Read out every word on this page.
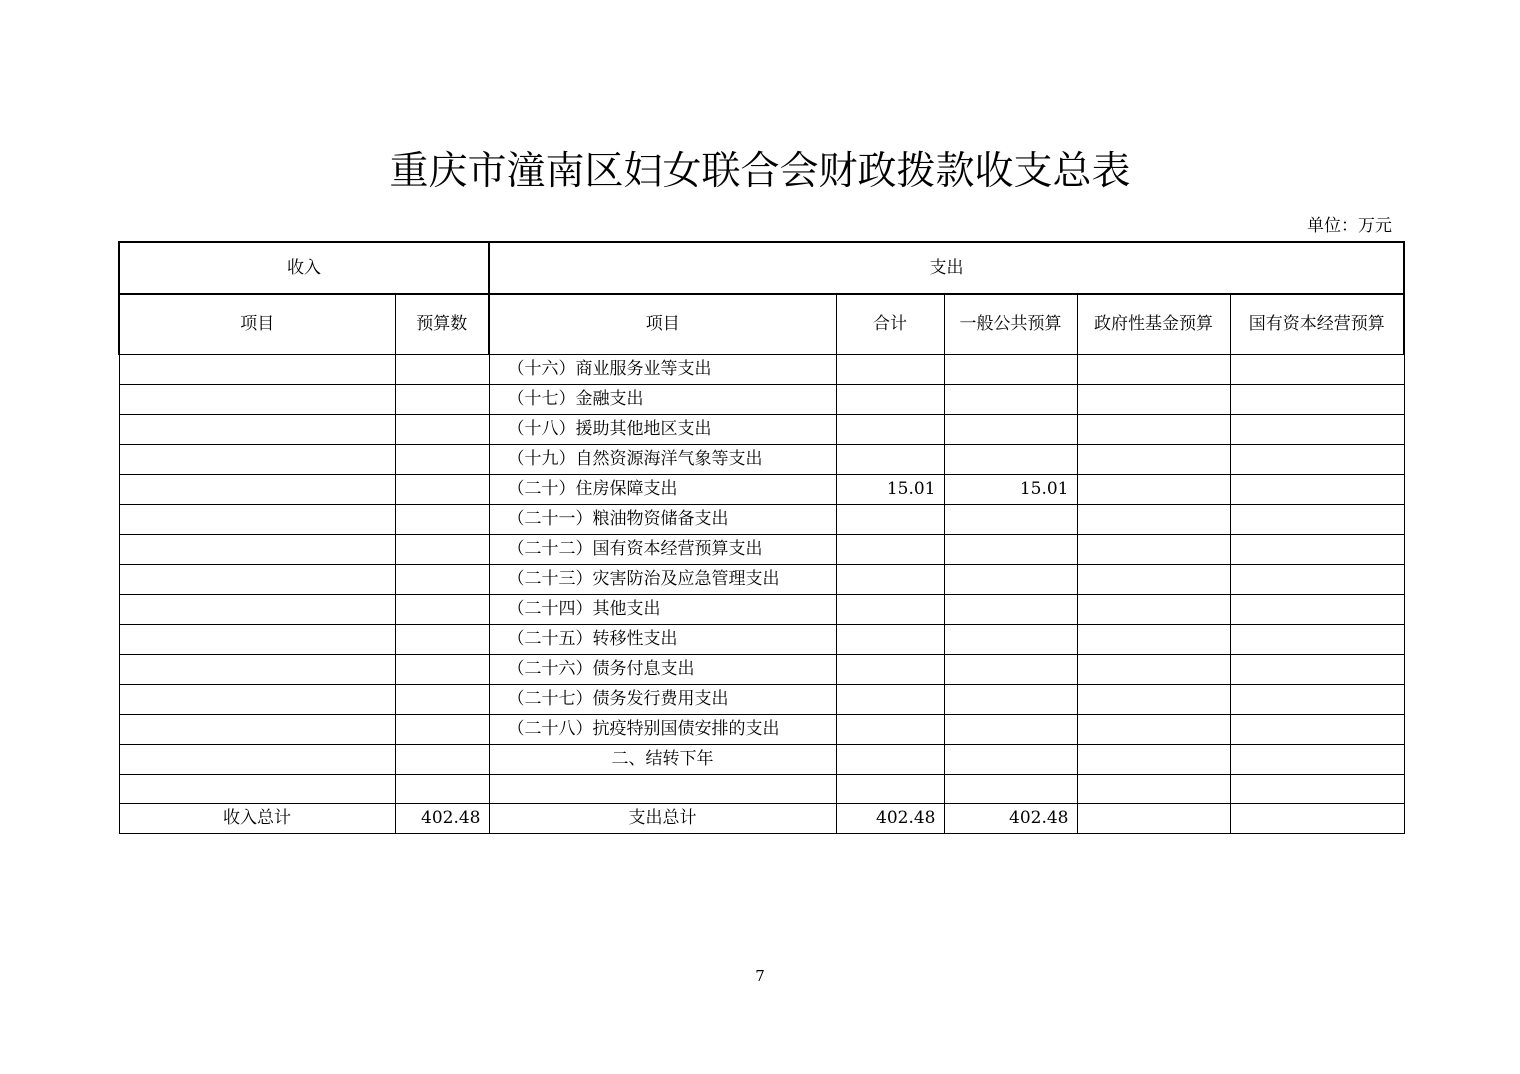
重庆市潼南区妇女联合会财政拨款收支总表
单位：万元
收入		支出				
项目	预算数	项目	合计	一般公共预算	政府性基金预算	国有资本经营预算
		（十六）商业服务业等支出				
		（十七）金融支出				
		（十八）援助其他地区支出				
		（十九）自然资源海洋气象等支出				
		（二十）住房保障支出	15.01	15.01		
		（二十一）粮油物资储备支出				
		（二十二）国有资本经营预算支出				
		（二十三）灾害防治及应急管理支出				
		（二十四）其他支出				
		（二十五）转移性支出				
		（二十六）债务付息支出				
		（二十七）债务发行费用支出				
		（二十八）抗疫特别国债安排的支出				
		二、结转下年				

收入总计	402.48	支出总计	402.48	402.48		
7
